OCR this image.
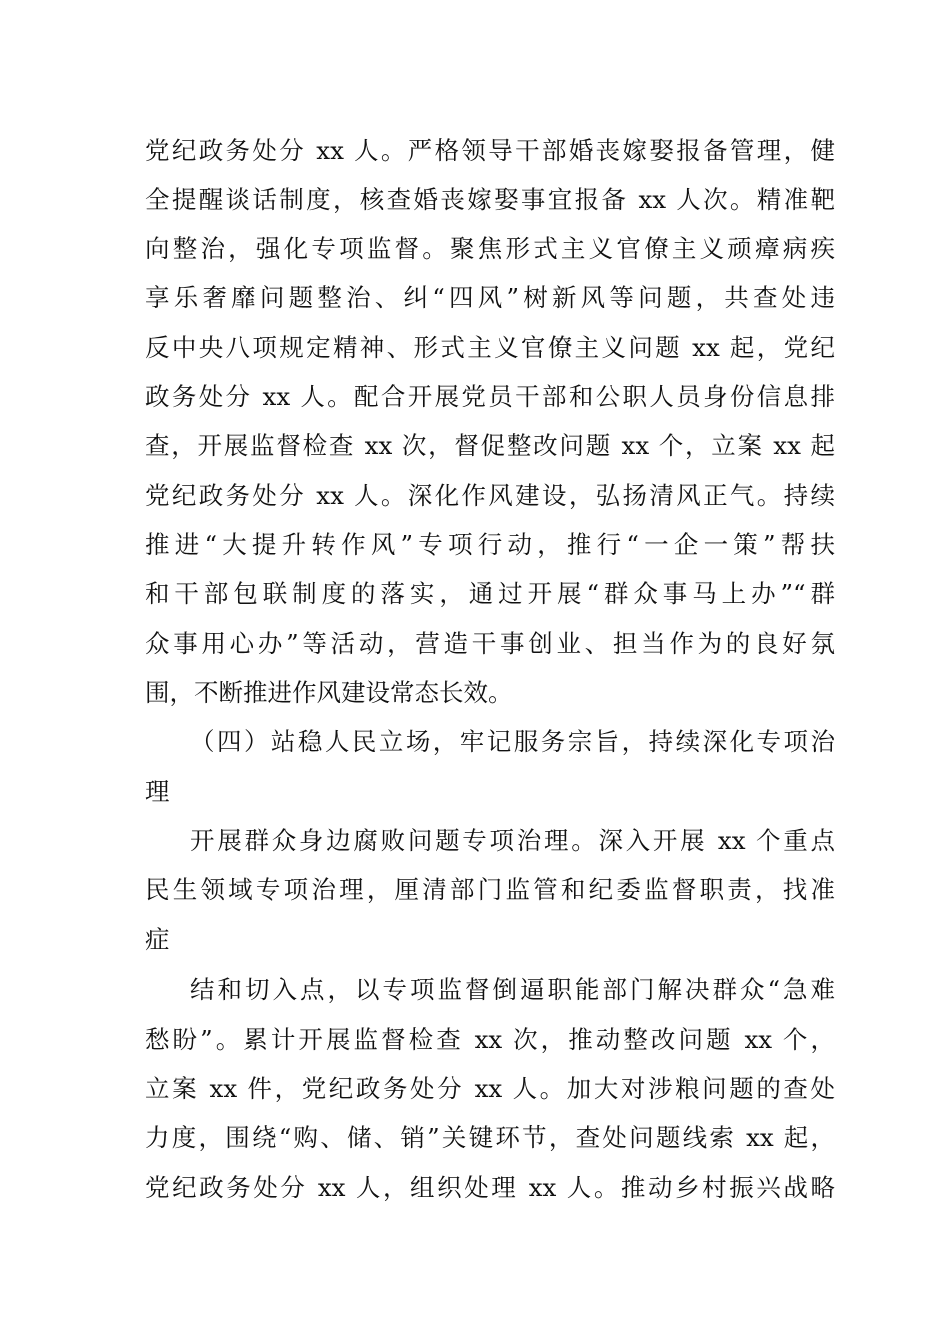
党纪政务处分 xx 人。严格领导干部婚丧嫁娶报备管理，健
全提醒谈话制度，核查婚丧嫁娶事宜报备 xx 人次。精准靶
向整治，强化专项监督。聚焦形式主义官僚主义顽瘴病疾
享乐奢靡问题整治、纠“四风”树新风等问题，共查处违
反中央八项规定精神、形式主义官僚主义问题 xx 起，党纪
政务处分 xx 人。配合开展党员干部和公职人员身份信息排
查，开展监督检查 xx 次，督促整改问题 xx 个，立案 xx 起
党纪政务处分 xx 人。深化作风建设，弘扬清风正气。持续
推进“大提升转作风”专项行动，推行“一企一策”帮扶
和干部包联制度的落实，通过开展“群众事马上办”“群
众事用心办”等活动，营造干事创业、担当作为的良好氛
围，不断推进作风建设常态长效。
（四）站稳人民立场，牢记服务宗旨，持续深化专项治
理
开展群众身边腐败问题专项治理。深入开展 xx 个重点
民生领域专项治理，厘清部门监管和纪委监督职责，找准
症
结和切入点，以专项监督倒逼职能部门解决群众“急难
愁盼”。累计开展监督检查 xx 次，推动整改问题 xx 个，
立案 xx 件，党纪政务处分 xx 人。加大对涉粮问题的查处
力度，围绕“购、储、销”关键环节，查处问题线索 xx 起，
党纪政务处分 xx 人，组织处理 xx 人。推动乡村振兴战略
